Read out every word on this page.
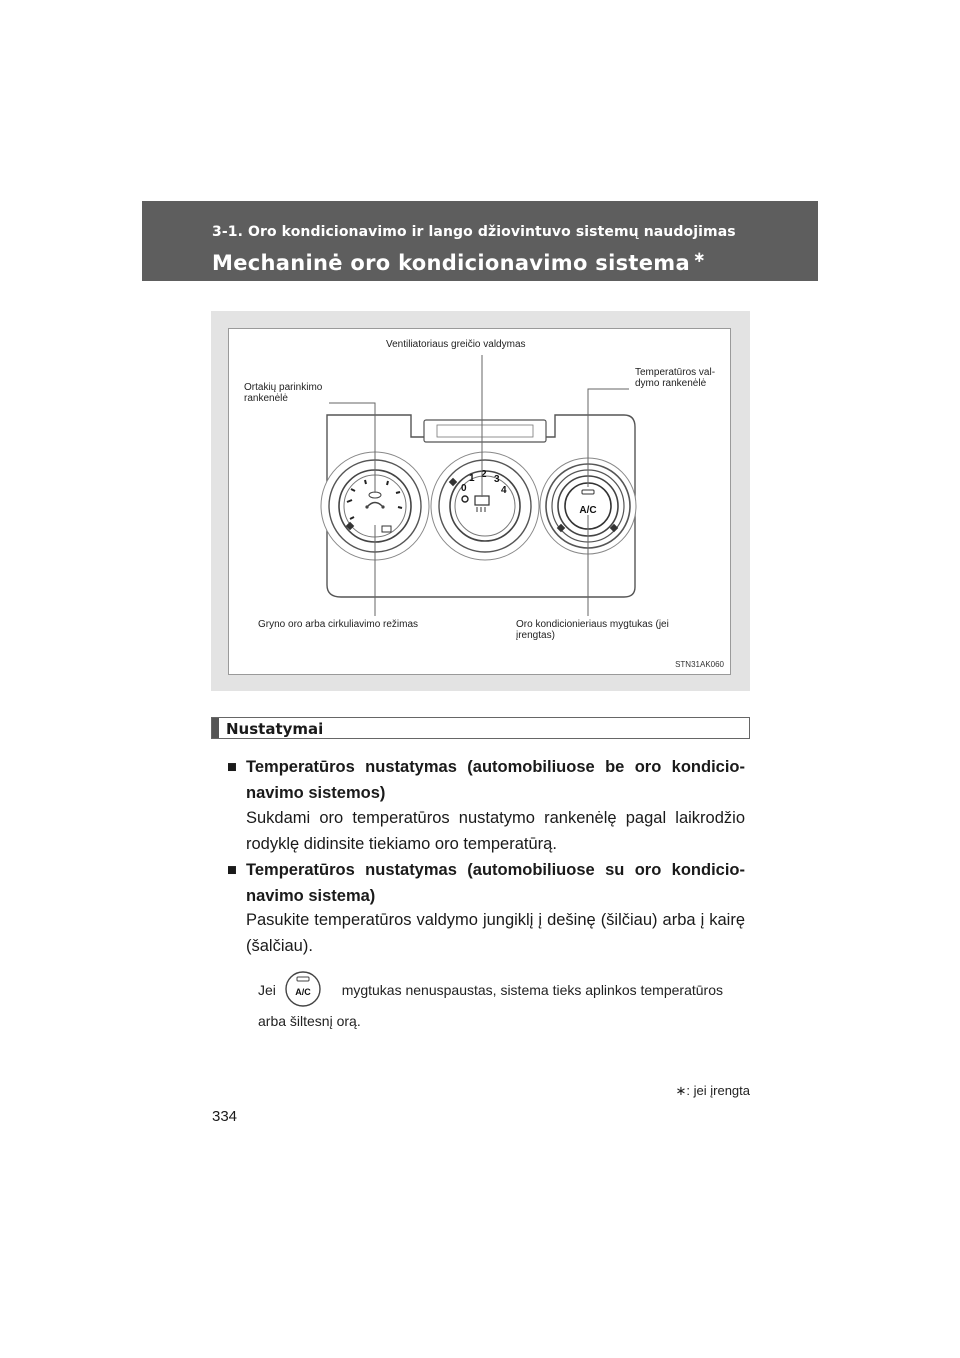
3-1. Oro kondicionavimo ir lango džiovintuvo sistemų naudojimas
Mechaninė oro kondicionavimo sistema ∗
0
1 2 3
4
A/C
Ventiliatoriaus greičio valdymas
Ortakių parinkimo
rankenėlė
Temperatūros val-
dymo rankenėlė
Gryno oro arba cirkuliavimo režimas	Oro kondicionieriaus mygtukas (jei
įrengtas)
STN31AK060
Nustatymai
■ Temperatūros nustatymas (automobiliuose be oro kondicio-navimo sistemos)
Sukdami oro temperatūros nustatymo rankenėlę pagal laikrodžio rodyklę didinsite tiekiamo oro temperatūrą.
■ Temperatūros nustatymas (automobiliuose su oro kondicio-navimo sistema)
Pasukite temperatūros valdymo jungiklį į dešinę (šilčiau) arba į kairę (šalčiau).
Jei	mygtukas nenuspaustas, sistema tieks aplinkos temperatūros
A/C
arba šiltesnį orą.
∗: jei įrengta
334
